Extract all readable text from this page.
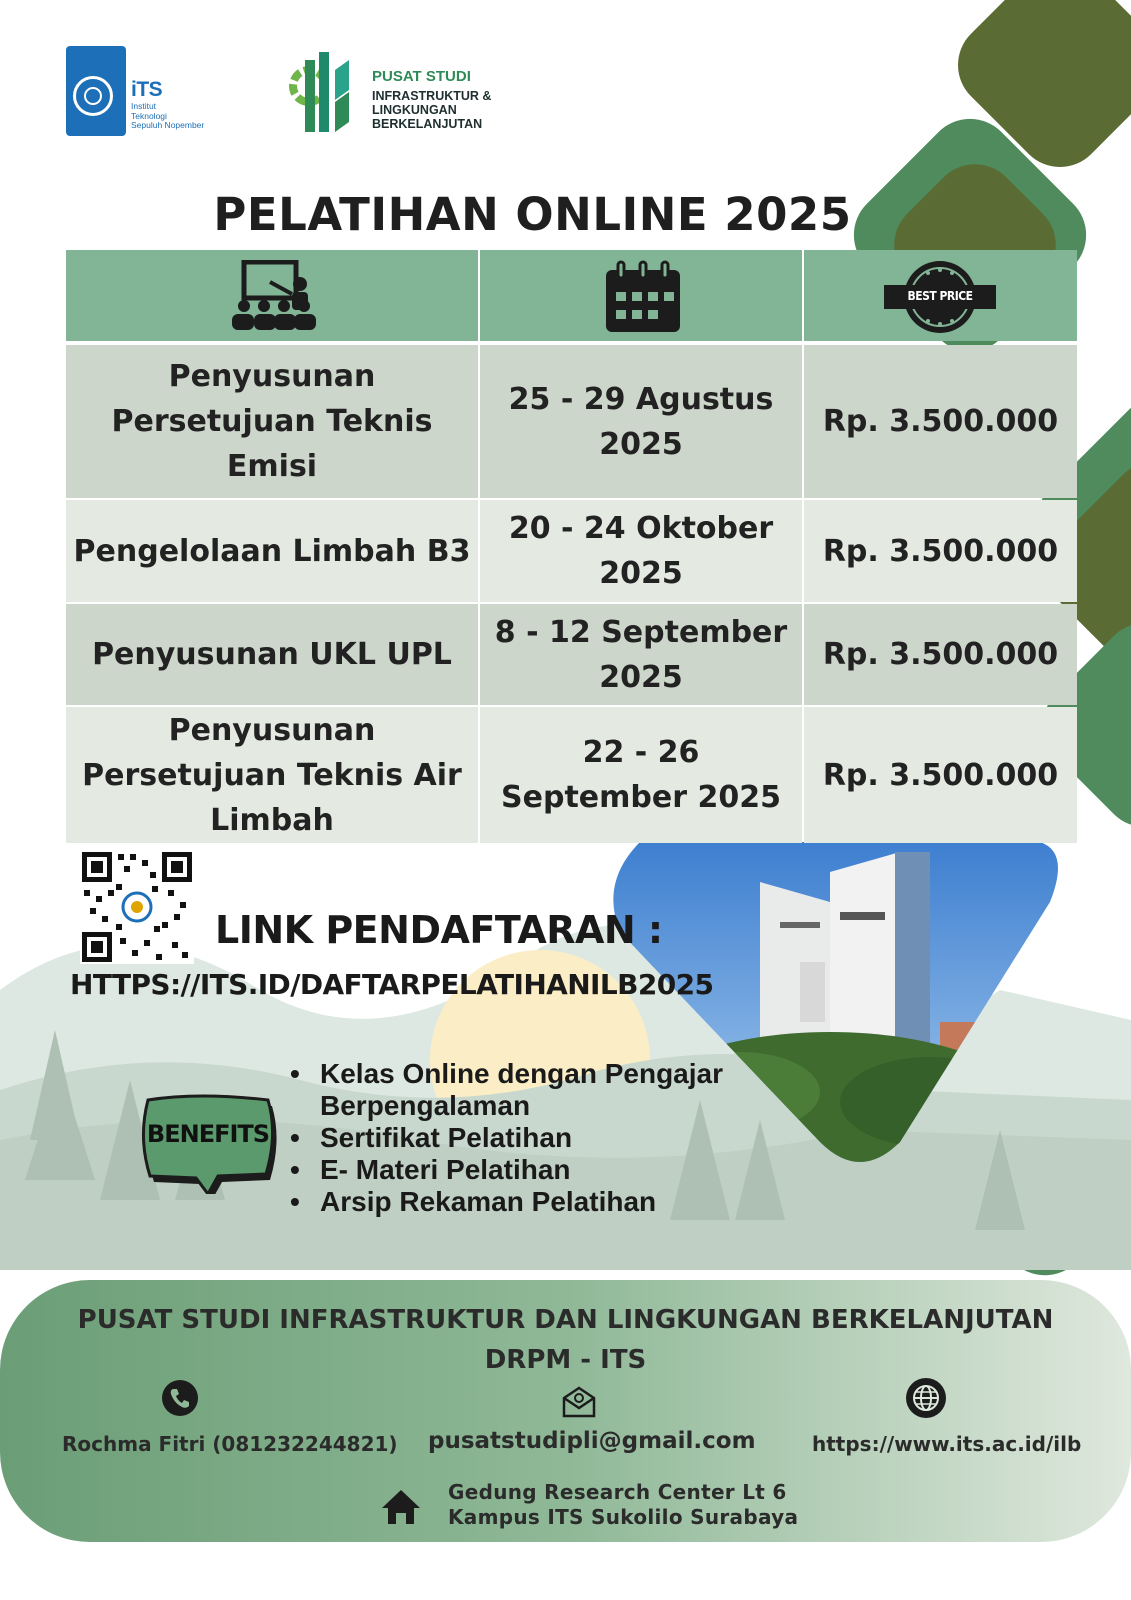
iTS
Institut
Teknologi
Sepuluh Nopember
PUSAT STUDI
INFRASTRUKTUR &
LINGKUNGAN
BERKELANJUTAN
PELATIHAN ONLINE 2025
BEST PRICE
Penyusunan Persetujuan Teknis Emisi
25 - 29 Agustus 2025
Rp. 3.500.000
Pengelolaan Limbah B3
20 - 24 Oktober 2025
Rp. 3.500.000
Penyusunan UKL UPL
8 - 12 September 2025
Rp. 3.500.000
Penyusunan Persetujuan Teknis Air Limbah
22 - 26 September 2025
Rp. 3.500.000
LINK PENDAFTARAN :
HTTPS://ITS.ID/DAFTARPELATIHANILB2025
BENEFITS
• Kelas Online dengan Pengajar Berpengalaman
• Sertifikat Pelatihan
• E- Materi Pelatihan
• Arsip Rekaman Pelatihan
PUSAT STUDI INFRASTRUKTUR DAN LINGKUNGAN BERKELANJUTAN
DRPM - ITS
Rochma Fitri (081232244821) pusatstudipli@gmail.com	https://www.its.ac.id/ilb
Gedung Research Center Lt 6
Kampus ITS Sukolilo Surabaya
